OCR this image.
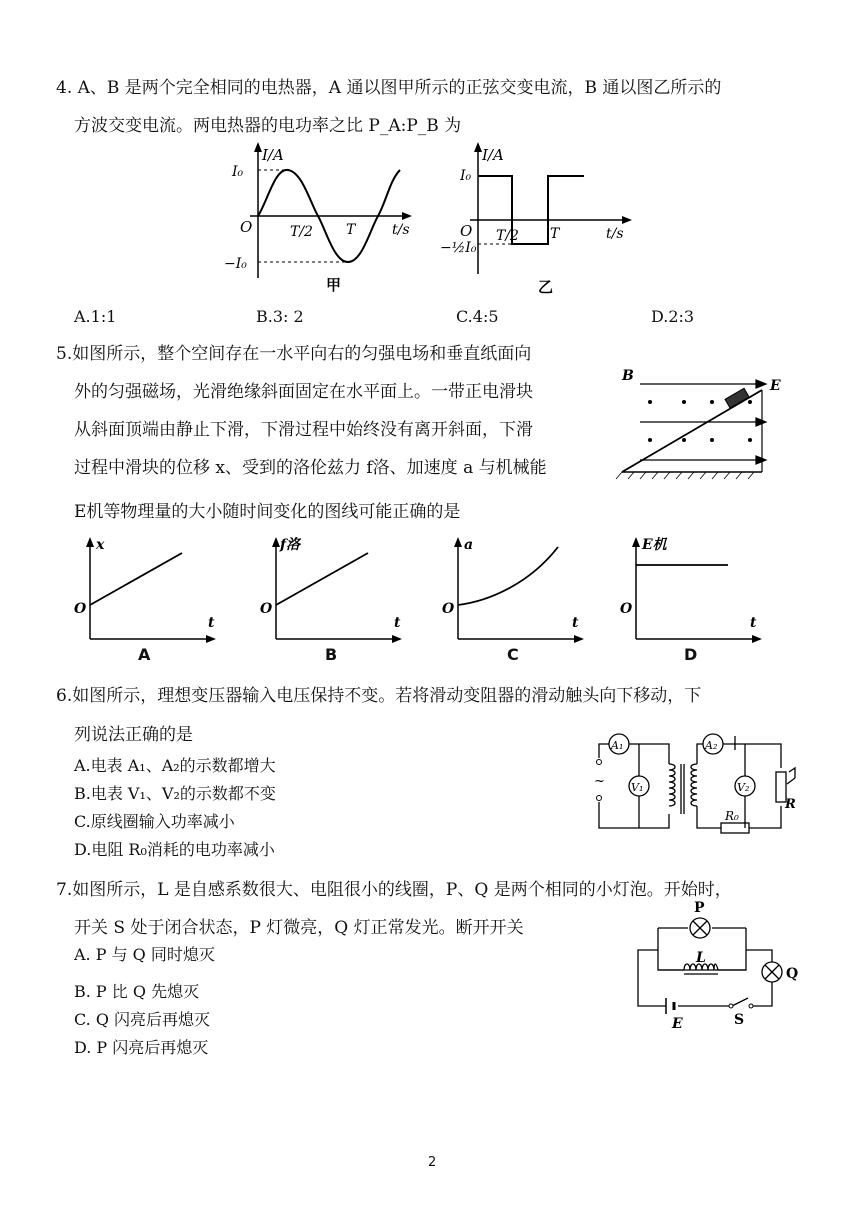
4. A、B 是两个完全相同的电热器，A 通以图甲所示的正弦交变电流，B 通以图乙所示的
方波交变电流。两电热器的电功率之比 P_A:P_B 为
I/A
t/s
O
I₀
−I₀
T/2 T
甲
I/A
t/s
O
I₀
−½I₀
T/2 T
乙
A.1:1	B.3: 2	C.4:5	D.2:3
5.如图所示，整个空间存在一水平向右的匀强电场和垂直纸面向
外的匀强磁场，光滑绝缘斜面固定在水平面上。一带正电滑块
从斜面顶端由静止下滑，下滑过程中始终没有离开斜面，下滑
过程中滑块的位移 x、受到的洛伦兹力 f洛、加速度 a 与机械能
E机等物理量的大小随时间变化的图线可能正确的是
B
E
x
t
O
A
f洛
t
O
B
a
t
O
C
E机
t
O
D
6.如图所示，理想变压器输入电压保持不变。若将滑动变阻器的滑动触头向下移动，下
列说法正确的是
A.电表 A₁、A₂的示数都增大
B.电表 V₁、V₂的示数都不变
C.原线圈输入功率减小
D.电阻 R₀消耗的电功率减小
~
A₁
V₁
A₂
V₂
R
R₀
7.如图所示，L 是自感系数很大、电阻很小的线圈，P、Q 是两个相同的小灯泡。开始时，
开关 S 处于闭合状态，P 灯微亮，Q 灯正常发光。断开开关
A. P 与 Q 同时熄灭
B. P 比 Q 先熄灭
C. Q 闪亮后再熄灭
D. P 闪亮后再熄灭
P
L
Q
E	S
2
